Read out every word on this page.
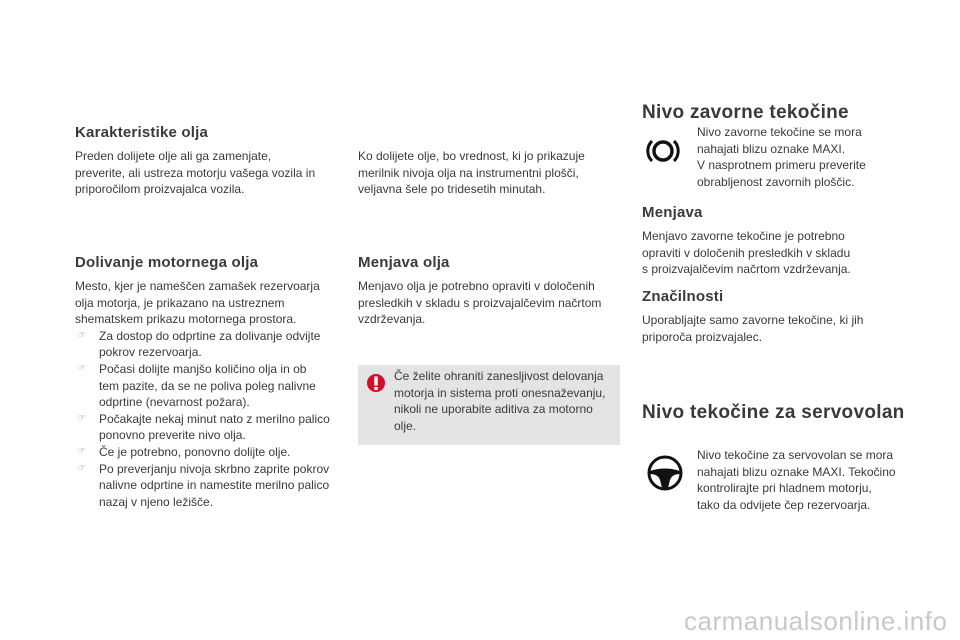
Karakteristike olja
Preden dolijete olje ali ga zamenjate,
preverite, ali ustreza motorju vašega vozila in
priporočilom proizvajalca vozila.
Dolivanje motornega olja
Mesto, kjer je nameščen zamašek rezervoarja
olja motorja, je prikazano na ustreznem
shematskem prikazu motornega prostora.
☞ Za dostop do odprtine za dolivanje odvijte
pokrov rezervoarja.
☞ Počasi dolijte manjšo količino olja in ob
tem pazite, da se ne poliva poleg nalivne
odprtine (nevarnost požara).
☞ Počakajte nekaj minut nato z merilno palico
ponovno preverite nivo olja.
☞ Če je potrebno, ponovno dolijte olje.
☞ Po preverjanju nivoja skrbno zaprite pokrov
nalivne odprtine in namestite merilno palico
nazaj v njeno ležišče.
Ko dolijete olje, bo vrednost, ki jo prikazuje
merilnik nivoja olja na instrumentni plošči,
veljavna šele po tridesetih minutah.
Menjava olja
Menjavo olja je potrebno opraviti v določenih
presledkih v skladu s proizvajalčevim načrtom
vzdrževanja.
Če želite ohraniti zanesljivost delovanja
motorja in sistema proti onesnaževanju,
nikoli ne uporabite aditiva za motorno
olje.
Nivo zavorne tekočine
Nivo zavorne tekočine se mora
nahajati blizu oznake MAXI.
V nasprotnem primeru preverite
obrabljenost zavornih ploščic.
Menjava
Menjavo zavorne tekočine je potrebno
opraviti v določenih presledkih v skladu
s proizvajalčevim načrtom vzdrževanja.
Značilnosti
Uporabljajte samo zavorne tekočine, ki jih
priporoča proizvajalec.
Nivo tekočine za servovolan
Nivo tekočine za servovolan se mora
nahajati blizu oznake MAXI. Tekočino
kontrolirajte pri hladnem motorju,
tako da odvijete čep rezervoarja.
carmanualsonline.info
